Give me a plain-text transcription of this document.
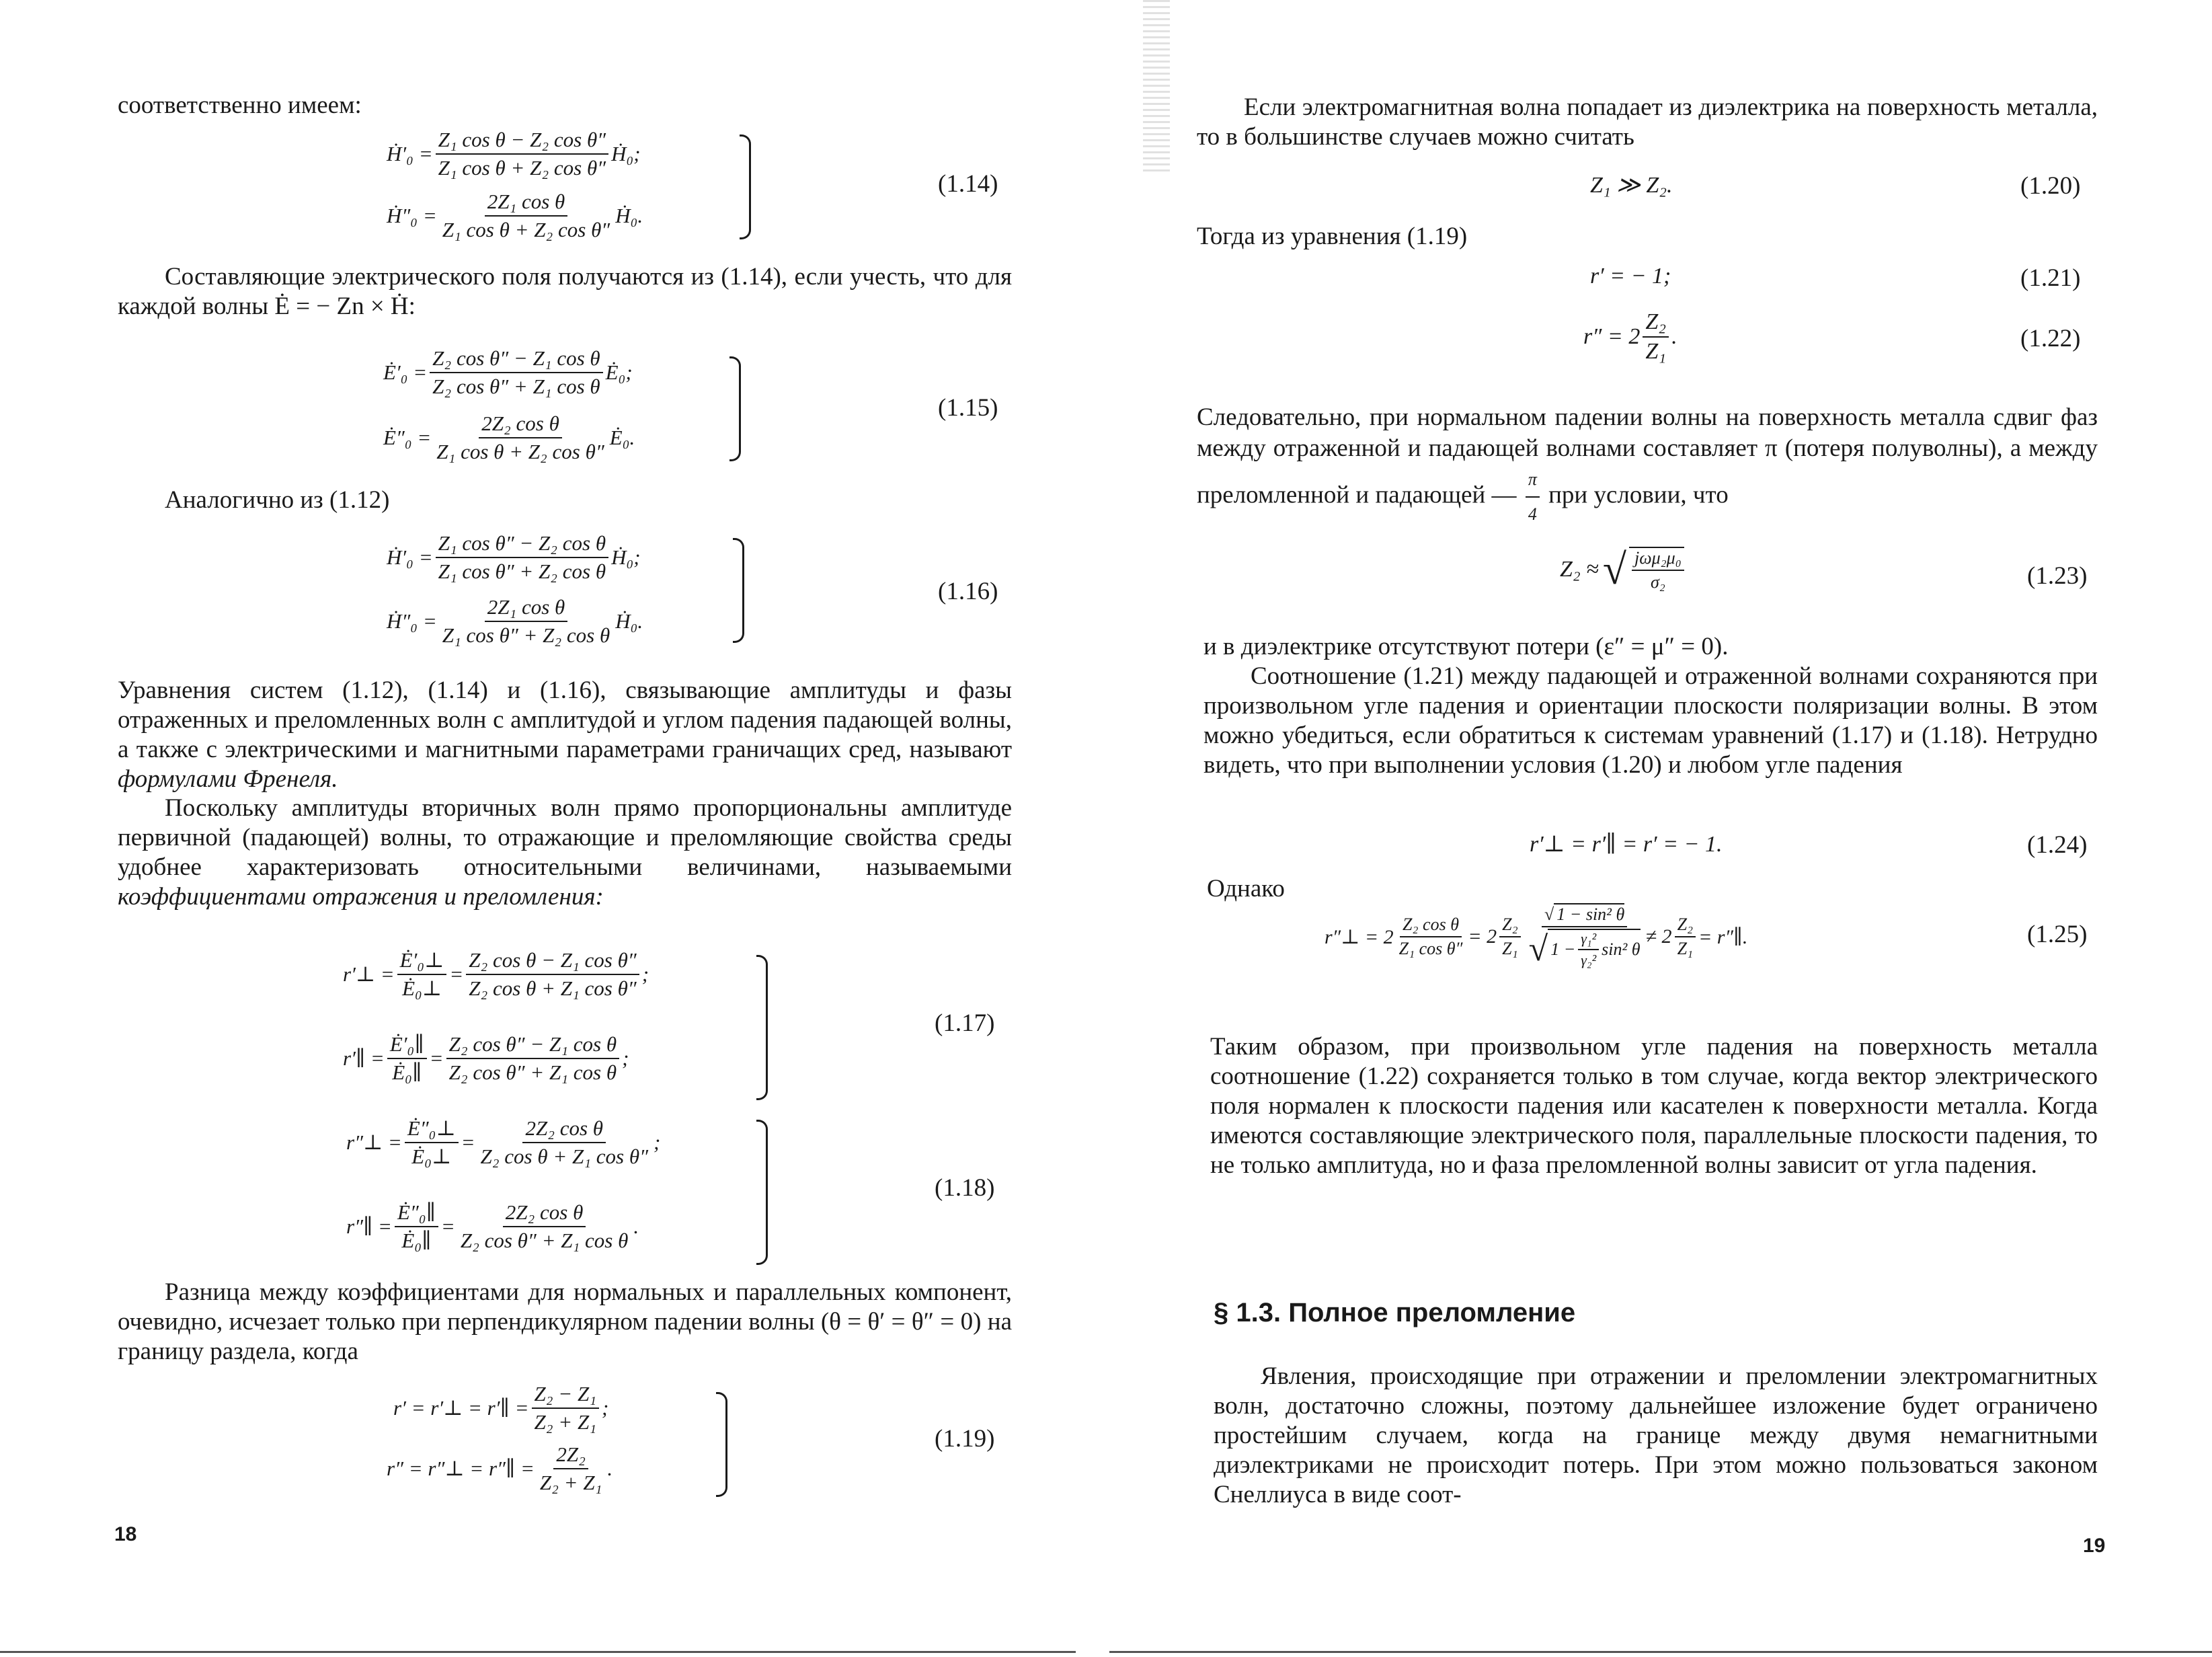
соответственно имеем:

Ḣ′₀ = $\frac{\text{Z₁ cos θ − Z₂ cos θ″}}{\text{Z₁ cos θ + Z₂ cos θ″}}$ Ḣ₀;
Ḣ″₀ = $\frac{\text{2Z₁ cos θ}}{\text{Z₁ cos θ + Z₂ cos θ″}}$ Ḣ₀.
(1.14)

Составляющие электрического поля получаются из (1.14), если учесть, что для каждой волны Ė = − Zn × Ḣ:

Ė′₀ = $\frac{\text{Z₂ cos θ″ − Z₁ cos θ}}{\text{Z₂ cos θ″ + Z₁ cos θ}}$ Ė₀;
Ė″₀ = $\frac{\text{2Z₂ cos θ}}{\text{Z₁ cos θ + Z₂ cos θ″}}$ Ė₀.
(1.15)

Аналогично из (1.12)

Ḣ′₀ = $\frac{\text{Z₁ cos θ″ − Z₂ cos θ}}{\text{Z₁ cos θ″ + Z₂ cos θ}}$ Ḣ₀;
Ḣ″₀ = $\frac{\text{2Z₁ cos θ}}{\text{Z₁ cos θ″ + Z₂ cos θ}}$ Ḣ₀.
(1.16)

Уравнения систем (1.12), (1.14) и (1.16), связывающие амплитуды и фазы отраженных и преломленных волн с амплитудой и углом падения падающей волны, а также с электрическими и магнитными параметрами граничащих сред, называют формулами Френеля.

Поскольку амплитуды вторичных волн прямо пропорциональны амплитуде первичной (падающей) волны, то отражающие и преломляющие свойства среды удобнее характеризовать относительными величинами, называемыми коэффициентами отражения и преломления:

r′⊥ = $\frac{\text{Ė′₀⊥}}{\text{Ė₀⊥}} = \frac{\text{Z₂ cos θ − Z₁ cos θ″}}{\text{Z₂ cos θ + Z₁ cos θ″}}$ ;
r′∥ = $\frac{\text{Ė′₀∥}}{\text{Ė₀∥}} = \frac{\text{Z₂ cos θ″ − Z₁ cos θ}}{\text{Z₂ cos θ″ + Z₁ cos θ}}$ ;
(1.17)
r″⊥ = $\frac{\text{Ė″₀⊥}}{\text{Ė₀⊥}} = \frac{\text{2Z₂ cos θ}}{\text{Z₂ cos θ + Z₁ cos θ″}}$ ;
r″∥ = $\frac{\text{Ė″₀∥}}{\text{Ė₀∥}} = \frac{\text{2Z₂ cos θ}}{\text{Z₂ cos θ″ + Z₁ cos θ}}$ .
(1.18)

Разница между коэффициентами для нормальных и параллельных компонент, очевидно, исчезает только при перпендикулярном падении волны (θ = θ′ = θ″ = 0) на границу раздела, когда

r′ = r′⊥ = r′∥ = $\frac{\text{Z₂ − Z₁}}{\text{Z₂ + Z₁}}$ ;
r″ = r″⊥ = r″∥ = $\frac{\text{2Z₂}}{\text{Z₂ + Z₁}}$ .
(1.19)
18

Если электромагнитная волна попадает из диэлектрика на поверхность металла, то в большинстве случаев можно считать

Z₁ ≫ Z₂.	(1.20)

Тогда из уравнения (1.19)

r′ = − 1;	(1.21)
$r'' = 2 \frac{\text{Z₂}}{\text{Z₁}}$ .	(1.22)

Следовательно, при нормальном падении волны на поверхность металла сдвиг фаз между отраженной и падающей волнами составляет π (потеря полуволны), а между преломленной и падающей — $\frac{\pi}{4}$ при условии, что

Z₂ ≈ √ $\frac{\text{jωμ₂μ₀}}{\text{σ₂}}$	(1.23)

и в диэлектрике отсутствуют потери (ε″ = μ″ = 0).

Соотношение (1.21) между падающей и отраженной волнами сохраняются при произвольном угле падения и ориентации плоскости поляризации волны. В этом можно убедиться, если обратиться к системам уравнений (1.17) и (1.18). Нетрудно видеть, что при выполнении условия (1.20) и любом угле падения

r′⊥ = r′∥ = r′ = − 1.	(1.24)

Однако

r″⊥ = $2 \frac{\text{Z₂ cos θ}}{\text{Z₁ cos θ″}} = 2 \frac{\text{Z₂}}{\text{Z₁}} \frac{\text{√ 1 − sin² θ}}{√ 1 - \frac{\text{γ₁²}}{\text{γ₂²}} \sin^2 \theta} \ne 2 \frac{\text{Z₂}}{\text{Z₁}}$ = r″∥.	(1.25)

Таким образом, при произвольном угле падения на поверхность металла соотношение (1.22) сохраняется только в том случае, когда вектор электрического поля нормален к плоскости падения или касателен к поверхности металла. Когда имеются составляющие электрического поля, параллельные плоскости падения, то не только амплитуда, но и фаза преломленной волны зависит от угла падения.

§ 1.3. Полное преломление

Явления, происходящие при отражении и преломлении электромагнитных волн, достаточно сложны, поэтому дальнейшее изложение будет ограничено простейшим случаем, когда на границе между двумя немагнитными диэлектриками не происходит потерь. При этом можно пользоваться законом Снеллиуса в виде соот-

19
